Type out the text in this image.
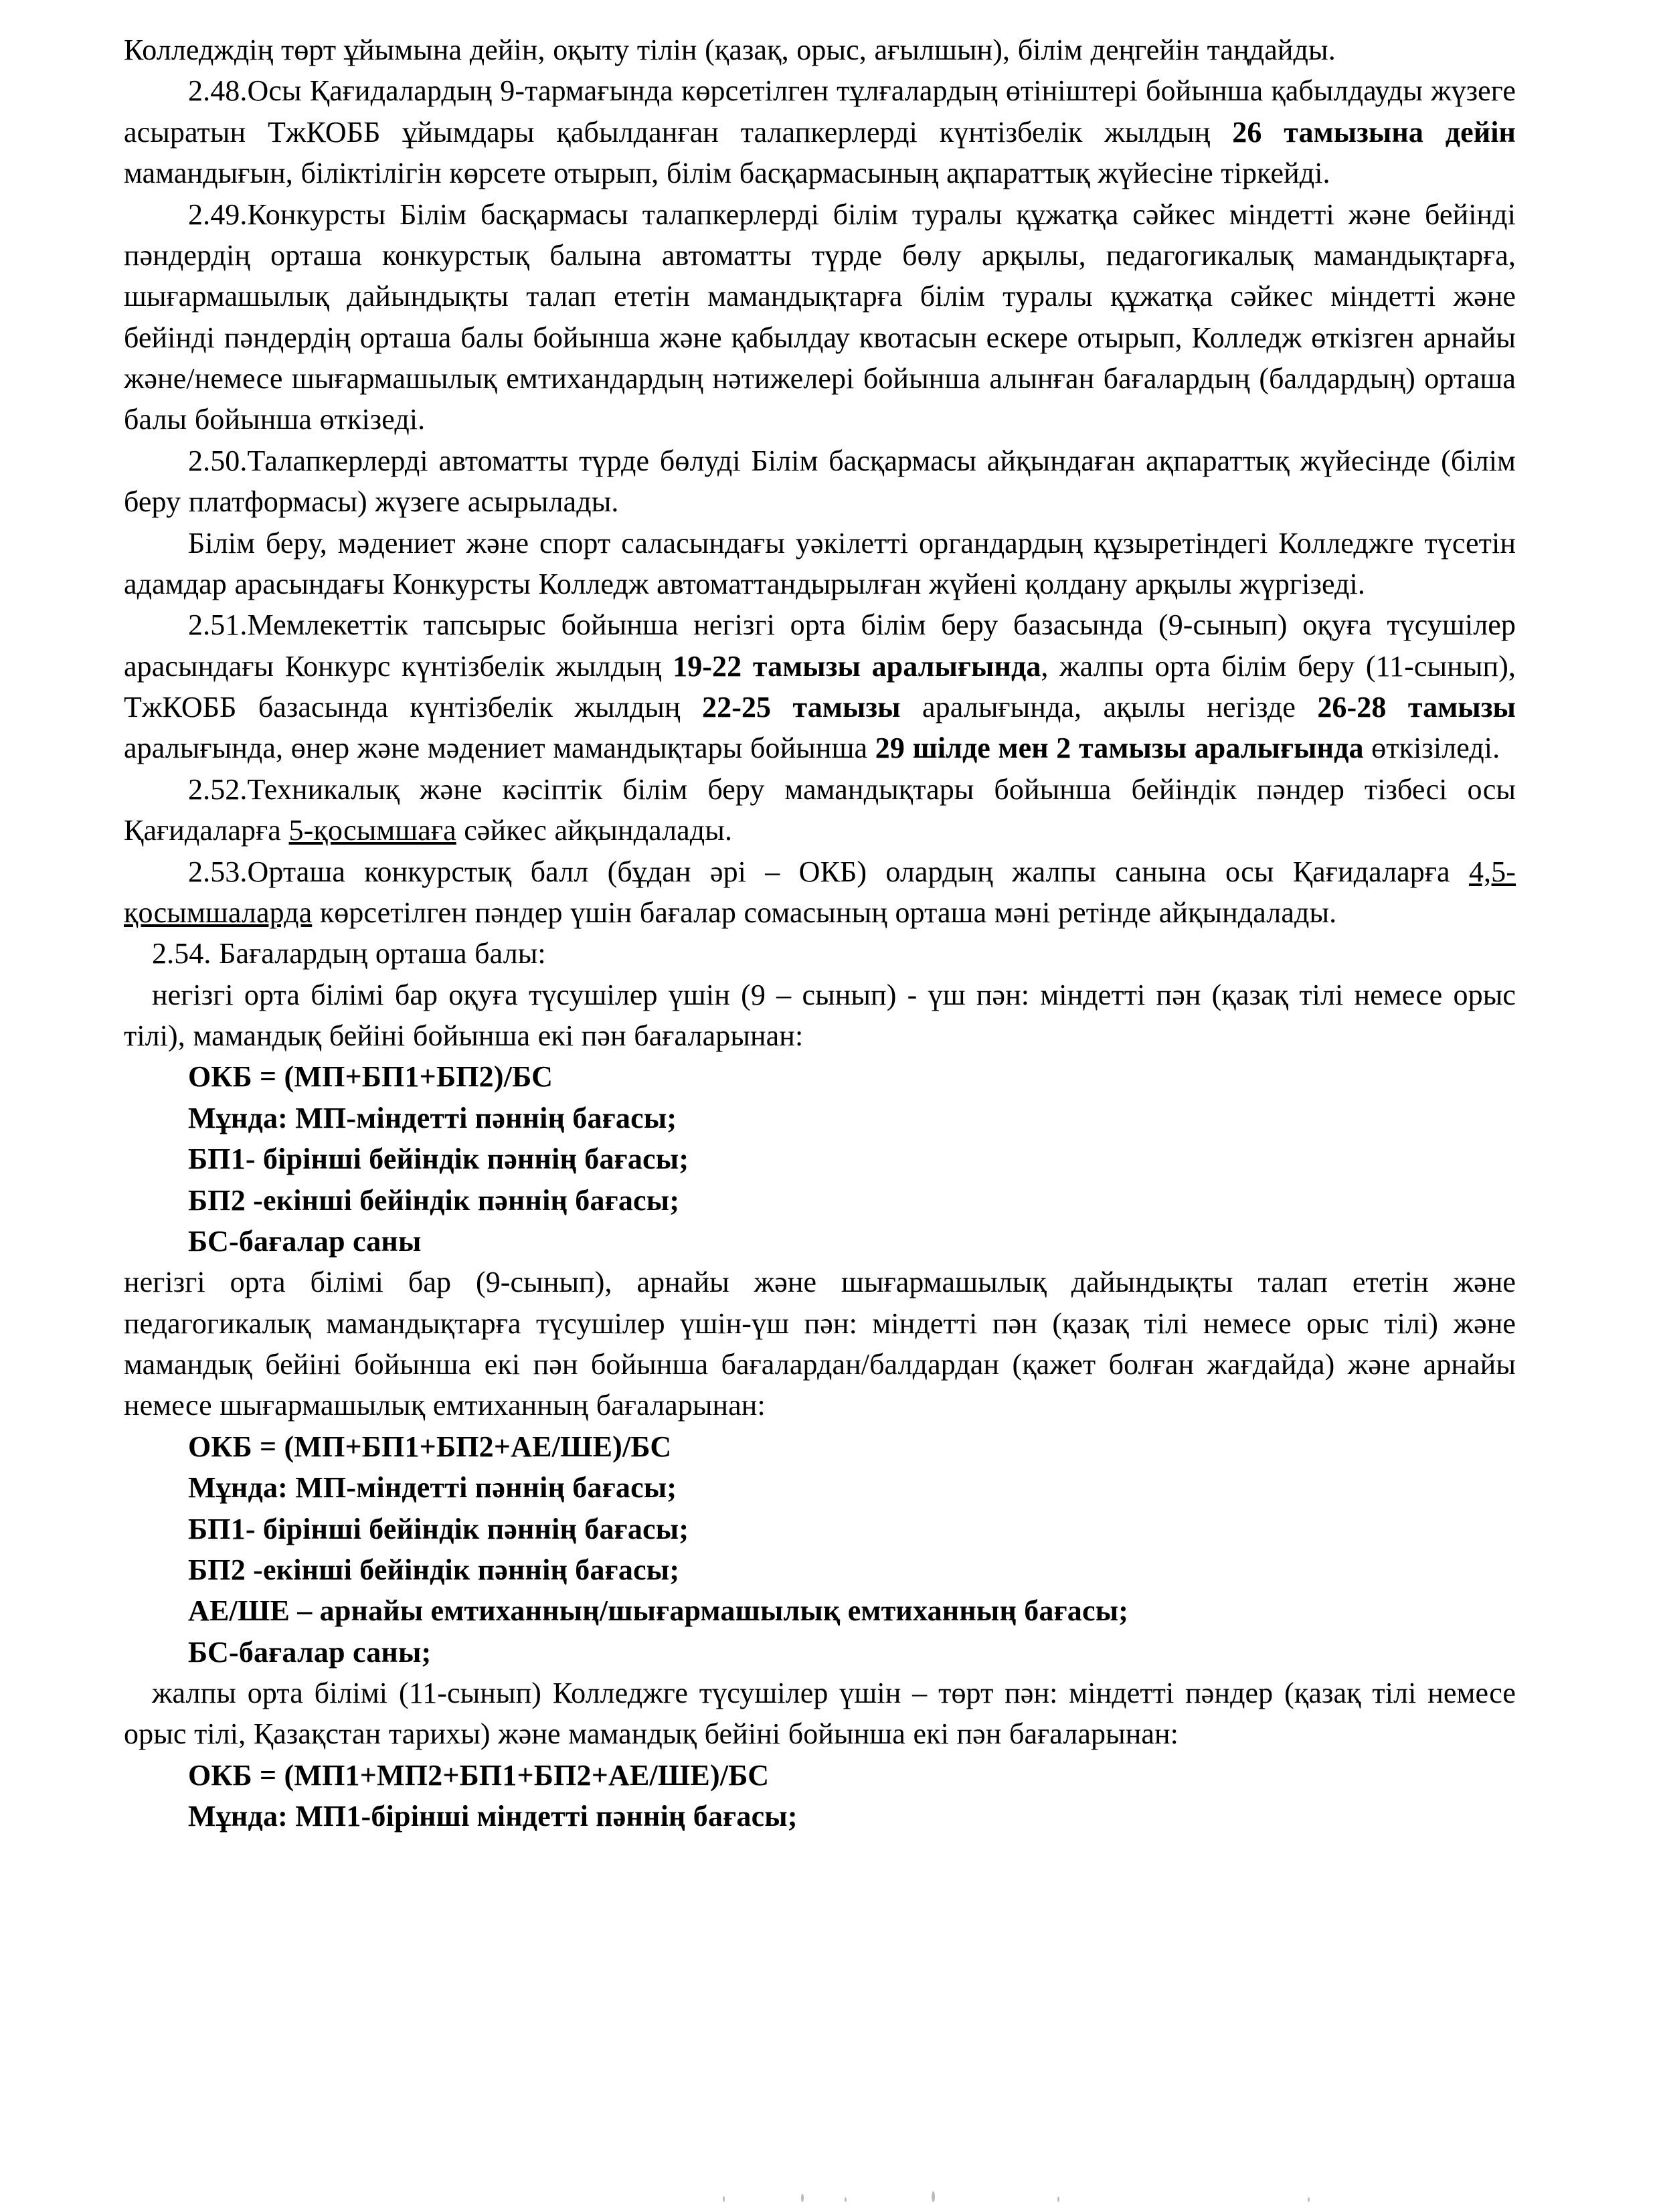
Колледждің төрт ұйымына дейін, оқыту тілін (қазақ, орыс, ағылшын), білім деңгейін таңдайды.

2.48.Осы Қағидалардың 9-тармағында көрсетілген тұлғалардың өтініштері бойынша қабылдауды жүзеге асыратын ТжКОББ ұйымдары қабылданған талапкерлерді күнтізбелік жылдың 26 тамызына дейін мамандығын, біліктілігін көрсете отырып, білім басқармасының ақпараттық жүйесіне тіркейді.

2.49.Конкурсты Білім басқармасы талапкерлерді білім туралы құжатқа сәйкес міндетті және бейінді пәндердің орташа конкурстық балына автоматты түрде бөлу арқылы, педагогикалық мамандықтарға, шығармашылық дайындықты талап ететін мамандықтарға білім туралы құжатқа сәйкес міндетті және бейінді пәндердің орташа балы бойынша және қабылдау квотасын ескере отырып, Колледж өткізген арнайы және/немесе шығармашылық емтихандардың нәтижелері бойынша алынған бағалардың (балдардың) орташа балы бойынша өткізеді.

2.50.Талапкерлерді автоматты түрде бөлуді Білім басқармасы айқындаған ақпараттық жүйесінде (білім беру платформасы) жүзеге асырылады.

Білім беру, мәдениет және спорт саласындағы уәкілетті органдардың құзыретіндегі Колледжге түсетін адамдар арасындағы Конкурсты Колледж автоматтандырылған жүйені қолдану арқылы жүргізеді.

2.51.Мемлекеттік тапсырыс бойынша негізгі орта білім беру базасында (9-сынып) оқуға түсушілер арасындағы Конкурс күнтізбелік жылдың 19-22 тамызы аралығында, жалпы орта білім беру (11-сынып), ТжКОББ базасында күнтізбелік жылдың 22-25 тамызы аралығында, ақылы негізде 26-28 тамызы аралығында, өнер және мәдениет мамандықтары бойынша 29 шілде мен 2 тамызы аралығында өткізіледі.

2.52.Техникалық және кәсіптік білім беру мамандықтары бойынша бейіндік пәндер тізбесі осы Қағидаларға 5-қосымшаға сәйкес айқындалады.

2.53.Орташа конкурстық балл (бұдан әрі – ОКБ) олардың жалпы санына осы Қағидаларға 4,5-қосымшаларда көрсетілген пәндер үшін бағалар сомасының орташа мәні ретінде айқындалады.

2.54. Бағалардың орташа балы:

негізгі орта білімі бар оқуға түсушілер үшін (9 – сынып) - үш пән: міндетті пән (қазақ тілі немесе орыс тілі), мамандық бейіні бойынша екі пән бағаларынан:

ОКБ = (МП+БП1+БП2)/БС

Мұнда: МП-міндетті пәннің бағасы;

БП1- бірінші бейіндік пәннің бағасы;

БП2 -екінші бейіндік пәннің бағасы;

БС-бағалар саны

негізгі орта білімі бар (9-сынып), арнайы және шығармашылық дайындықты талап ететін және педагогикалық мамандықтарға түсушілер үшін-үш пән: міндетті пән (қазақ тілі немесе орыс тілі) және мамандық бейіні бойынша екі пән бойынша бағалардан/балдардан (қажет болған жағдайда) және арнайы немесе шығармашылық емтиханның бағаларынан:

ОКБ = (МП+БП1+БП2+АЕ/ШЕ)/БС

Мұнда: МП-міндетті пәннің бағасы;

БП1- бірінші бейіндік пәннің бағасы;

БП2 -екінші бейіндік пәннің бағасы;

АЕ/ШЕ – арнайы емтиханның/шығармашылық емтиханның бағасы;

БС-бағалар саны;

жалпы орта білімі (11-сынып) Колледжге түсушілер үшін – төрт пән: міндетті пәндер (қазақ тілі немесе орыс тілі, Қазақстан тарихы) және мамандық бейіні бойынша екі пән бағаларынан:

ОКБ = (МП1+МП2+БП1+БП2+АЕ/ШЕ)/БС

Мұнда: МП1-бірінші міндетті пәннің бағасы;
